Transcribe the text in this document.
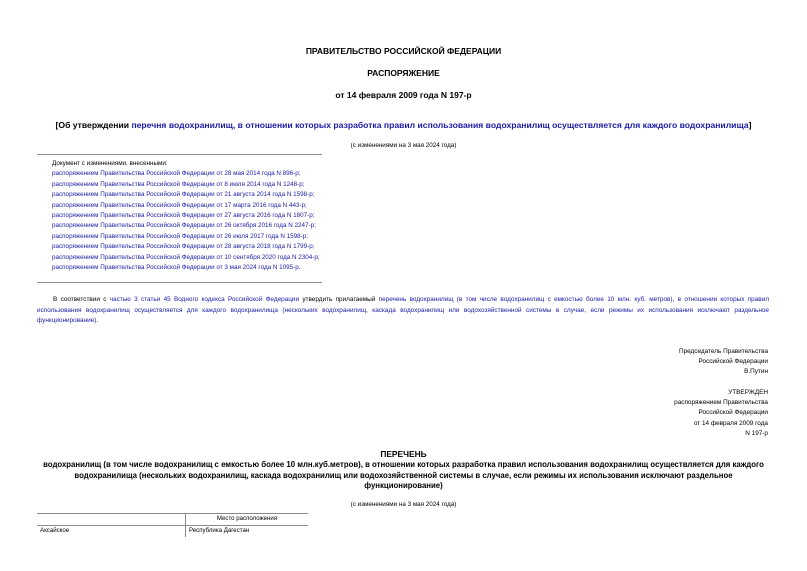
ПРАВИТЕЛЬСТВО РОССИЙСКОЙ ФЕДЕРАЦИИ
РАСПОРЯЖЕНИЕ
от 14 февраля 2009 года N 197-р
[Об утверждении перечня водохранилищ, в отношении которых разработка правил использования водохранилищ осуществляется для каждого водохранилища]
(с изменениями на 3 мая 2024 года)
Документ с изменениями, внесенными:
распоряжением Правительства Российской Федерации от 28 мая 2014 года N 896-р;
распоряжением Правительства Российской Федерации от 8 июля 2014 года N 1248-р;
распоряжением Правительства Российской Федерации от 21 августа 2014 года N 1598-р;
распоряжением Правительства Российской Федерации от 17 марта 2016 года N 443-р;
распоряжением Правительства Российской Федерации от 27 августа 2016 года N 1807-р;
распоряжением Правительства Российской Федерации от 26 октября 2016 года N 2247-р;
распоряжением Правительства Российской Федерации от 26 июля 2017 года N 1598-р;
распоряжением Правительства Российской Федерации от 28 августа 2018 года N 1799-р;
распоряжением Правительства Российской Федерации от 10 сентября 2020 года N 2304-р;
распоряжением Правительства Российской Федерации от 3 мая 2024 года N 1095-р.
В соответствии с частью 3 статьи 45 Водного кодекса Российской Федерации утвердить прилагаемый перечень водохранилищ (в том числе водохранилищ с емкостью более 10 млн. куб. метров), в отношении которых правил использования водохранилищ осуществляется для каждого водохранилища (нескольких водохранилищ, каскада водохранилищ или водохозяйственной системы в случае, если режимы их использования исключают раздельное функционирование).
Председатель Правительства
Российской Федерации
В.Путин
УТВЕРЖДЕН
распоряжением Правительства
Российской Федерации
от 14 февраля 2009 года
N 197-р
ПЕРЕЧЕНЬ
водохранилищ (в том числе водохранилищ с емкостью более 10 млн.куб.метров), в отношении которых разработка правил использования водохранилищ осуществляется для каждого водохранилища (нескольких водохранилищ, каскада водохранилищ или водохозяйственной системы в случае, если режимы их использования исключают раздельное функционирование)
(с изменениями на 3 мая 2024 года)
	Место расположения
Аксайское	Республика Дагестан
